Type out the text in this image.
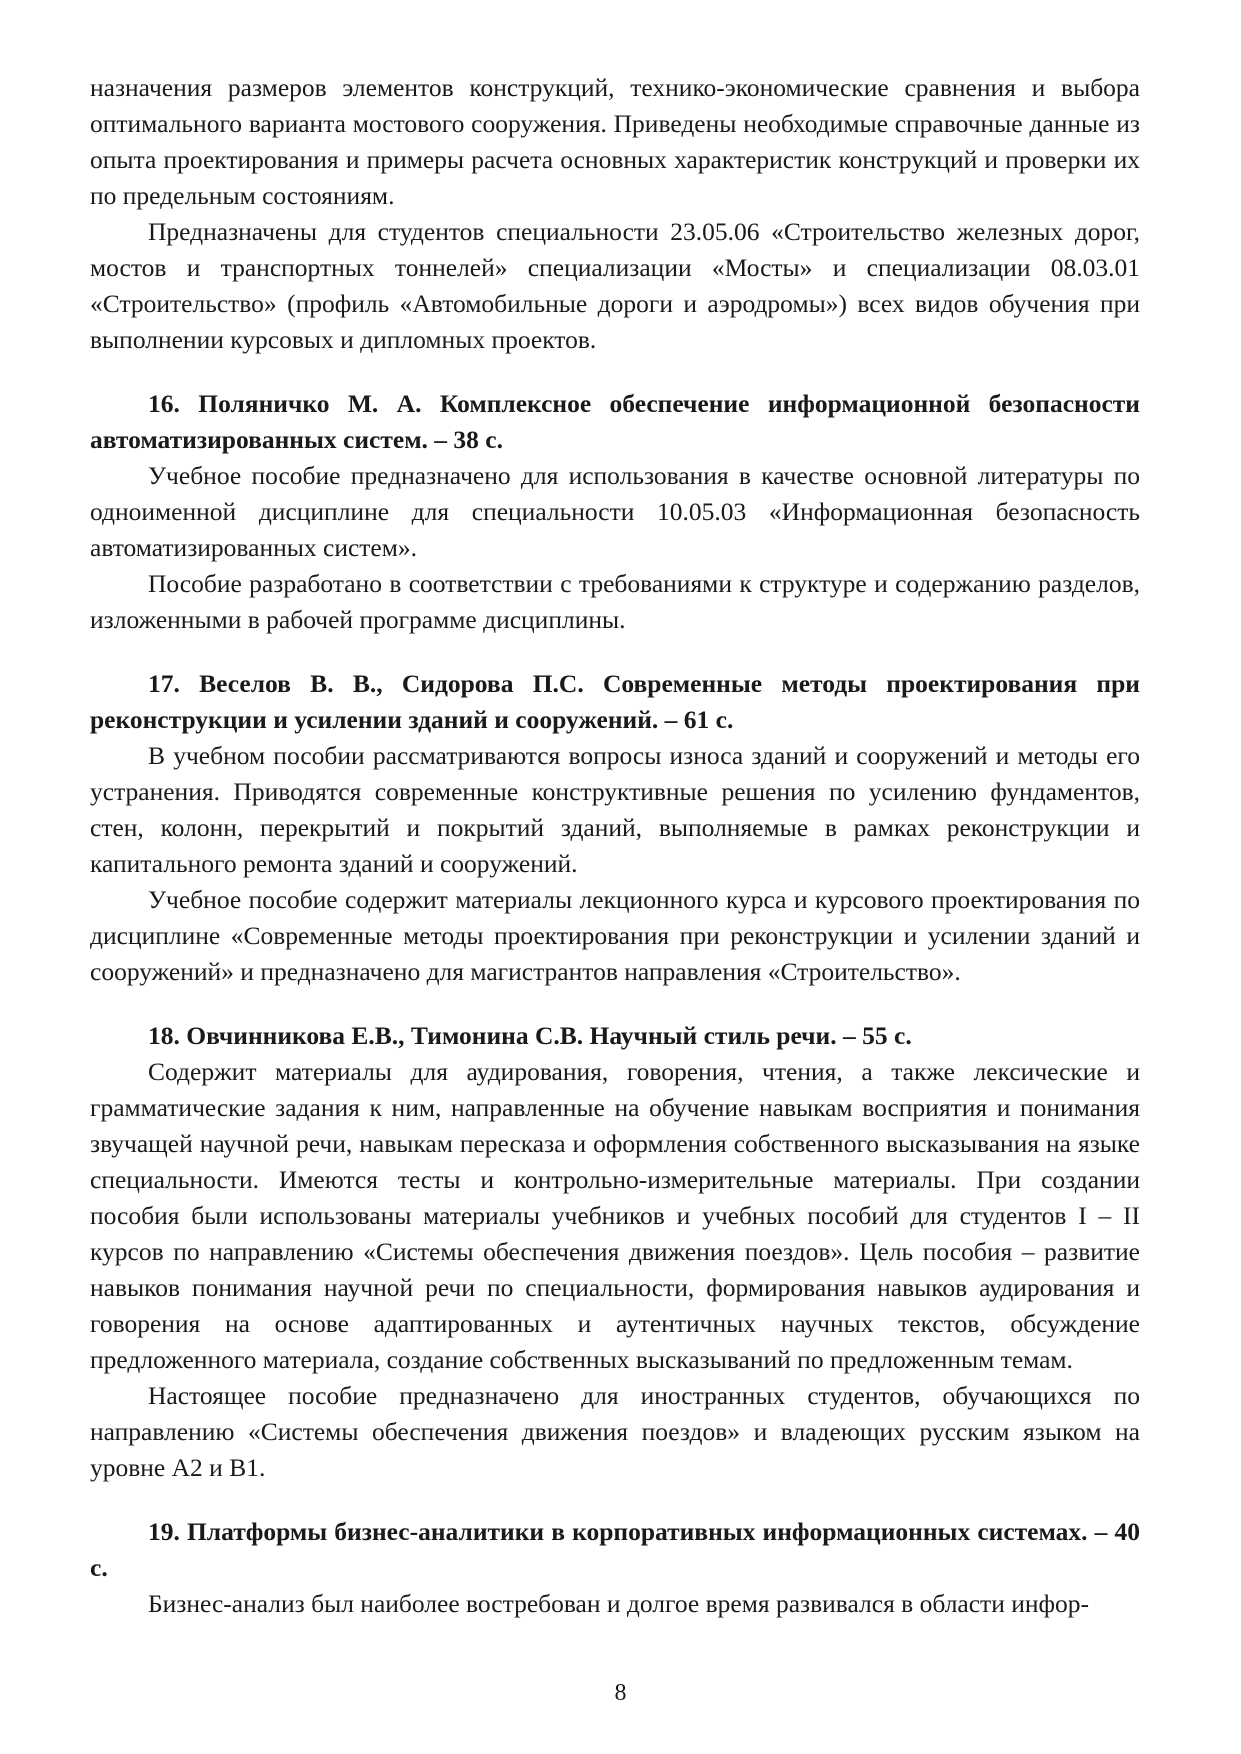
назначения размеров элементов конструкций, технико-экономические сравнения и выбора оптимального варианта мостового сооружения. Приведены необходимые справочные данные из опыта проектирования и примеры расчета основных характеристик конструкций и проверки их по предельным состояниям.

Предназначены для студентов специальности 23.05.06 «Строительство железных дорог, мостов и транспортных тоннелей» специализации «Мосты» и специализации 08.03.01 «Строительство» (профиль «Автомобильные дороги и аэродромы») всех видов обучения при выполнении курсовых и дипломных проектов.

16. Поляничко М. А. Комплексное обеспечение информационной безопасности автоматизированных систем. – 38 с.

Учебное пособие предназначено для использования в качестве основной литературы по одноименной дисциплине для специальности 10.05.03 «Информационная безопасность автоматизированных систем».

Пособие разработано в соответствии с требованиями к структуре и содержанию разделов, изложенными в рабочей программе дисциплины.

17. Веселов В. В., Сидорова П.С. Современные методы проектирования при реконструкции и усилении зданий и сооружений. – 61 с.

В учебном пособии рассматриваются вопросы износа зданий и сооружений и методы его устранения. Приводятся современные конструктивные решения по усилению фундаментов, стен, колонн, перекрытий и покрытий зданий, выполняемые в рамках реконструкции и капитального ремонта зданий и сооружений.

Учебное пособие содержит материалы лекционного курса и курсового проектирования по дисциплине «Современные методы проектирования при реконструкции и усилении зданий и сооружений» и предназначено для магистрантов направления «Строительство».

18. Овчинникова Е.В., Тимонина С.В. Научный стиль речи. – 55 с.

Содержит материалы для аудирования, говорения, чтения, а также лексические и грамматические задания к ним, направленные на обучение навыкам восприятия и понимания звучащей научной речи, навыкам пересказа и оформления собственного высказывания на языке специальности. Имеются тесты и контрольно-измерительные материалы. При создании пособия были использованы материалы учебников и учебных пособий для студентов I – II курсов по направлению «Системы обеспечения движения поездов». Цель пособия – развитие навыков понимания научной речи по специальности, формирования навыков аудирования и говорения на основе адаптированных и аутентичных научных текстов, обсуждение предложенного материала, создание собственных высказываний по предложенным темам.

Настоящее пособие предназначено для иностранных студентов, обучающихся по направлению «Системы обеспечения движения поездов» и владеющих русским языком на уровне А2 и В1.

19. Платформы бизнес-аналитики в корпоративных информационных системах. – 40 с.

Бизнес-анализ был наиболее востребован и долгое время развивался в области инфор-

8
